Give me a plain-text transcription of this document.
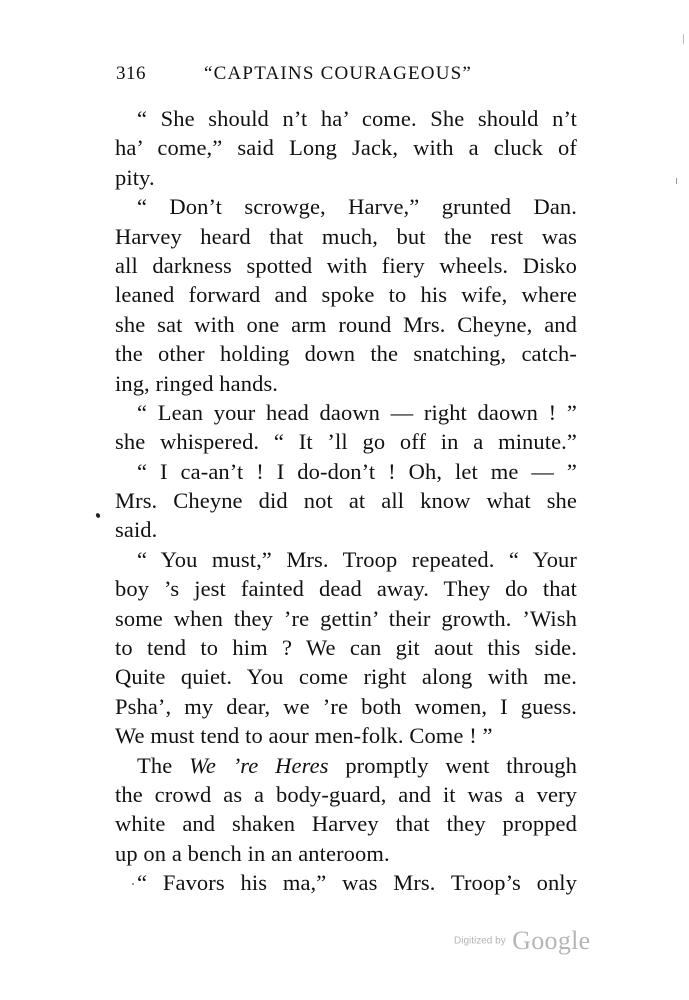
316	“CAPTAINS COURAGEOUS”
“ She should n’t ha’ come. She should n’t
ha’ come,” said Long Jack, with a cluck of
pity.
“ Don’t scrowge, Harve,” grunted Dan.
Harvey heard that much, but the rest was
all darkness spotted with fiery wheels. Disko
leaned forward and spoke to his wife, where
she sat with one arm round Mrs. Cheyne, and
the other holding down the snatching, catch-
ing, ringed hands.
“ Lean your head daown — right daown ! ”
she whispered. “ It ’ll go off in a minute.”
“ I ca-an’t ! I do-don’t ! Oh, let me — ”
Mrs. Cheyne did not at all know what she
said.
“ You must,” Mrs. Troop repeated. “ Your
boy ’s jest fainted dead away. They do that
some when they ’re gettin’ their growth. ’Wish
to tend to him ? We can git aout this side.
Quite quiet. You come right along with me.
Psha’, my dear, we ’re both women, I guess.
We must tend to aour men-folk. Come ! ”
The We ’re Heres promptly went through
the crowd as a body-guard, and it was a very
white and shaken Harvey that they propped
up on a bench in an anteroom.
“ Favors his ma,” was Mrs. Troop’s only
Digitized by Google
